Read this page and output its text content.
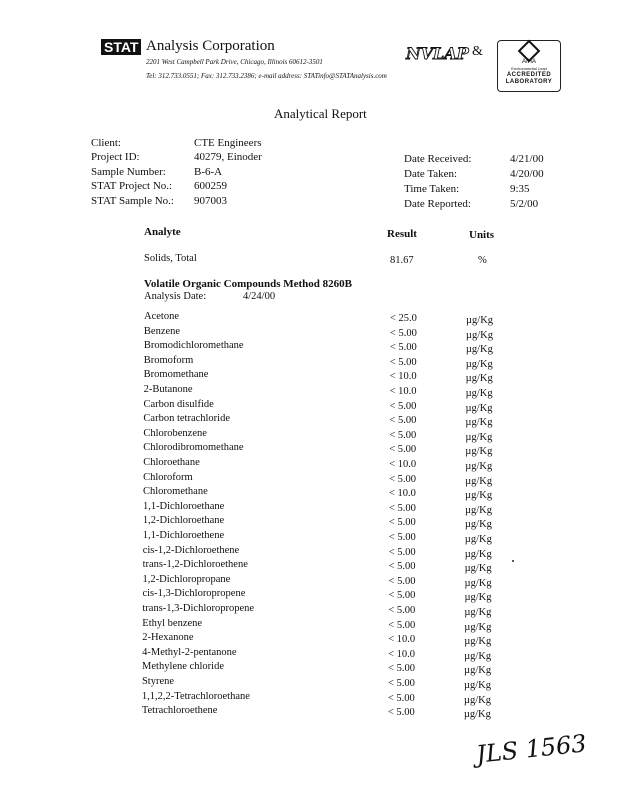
STAT Analysis Corporation
2201 West Campbell Park Drive, Chicago, Illinois 60612-3501
Tel: 312.733.0551; Fax: 312.733.2386; e-mail address: STATinfo@STATAnalysis.com
NVLAP &
AIHA
Environmental Lead
ACCREDITED
LABORATORY
Analytical Report
Client:	CTE Engineers
Project ID:	40279, Einoder
Sample Number:	B-6-A
STAT Project No.: 600259
STAT Sample No.: 907003
Date Received:	4/21/00
Date Taken:	4/20/00
Time Taken:	9:35
Date Reported:	5/2/00
Analyte	Result	Units
Solids, Total	81.67	%
Volatile Organic Compounds Method 8260B
Analysis Date:	4/24/00
Acetone	< 25.0	µg/Kg
Benzene	< 5.00	µg/Kg
Bromodichloromethane	< 5.00	µg/Kg
Bromoform	< 5.00	µg/Kg
Bromomethane	< 10.0	µg/Kg
2-Butanone	< 10.0	µg/Kg
Carbon disulfide	< 5.00	µg/Kg
Carbon tetrachloride	< 5.00	µg/Kg
Chlorobenzene	< 5.00	µg/Kg
Chlorodibromomethane	< 5.00	µg/Kg
Chloroethane	< 10.0	µg/Kg
Chloroform	< 5.00	µg/Kg
Chloromethane	< 10.0	µg/Kg
1,1-Dichloroethane	< 5.00	µg/Kg
1,2-Dichloroethane	< 5.00	µg/Kg
1,1-Dichloroethene	< 5.00	µg/Kg
cis-1,2-Dichloroethene	< 5.00	µg/Kg
trans-1,2-Dichloroethene	< 5.00	µg/Kg
1,2-Dichloropropane	< 5.00	µg/Kg
cis-1,3-Dichloropropene	< 5.00	µg/Kg
trans-1,3-Dichloropropene	< 5.00	µg/Kg
Ethyl benzene	< 5.00	µg/Kg
2-Hexanone	< 10.0	µg/Kg
4-Methyl-2-pentanone	< 10.0	µg/Kg
Methylene chloride	< 5.00	µg/Kg
Styrene	< 5.00	µg/Kg
1,1,2,2-Tetrachloroethane	< 5.00	µg/Kg
Tetrachloroethene	< 5.00	µg/Kg
JLS 1563
